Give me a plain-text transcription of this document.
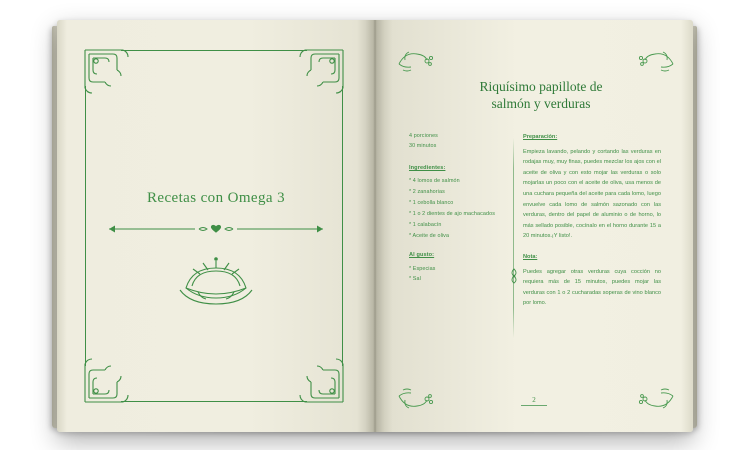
Recetas con Omega 3
Riquísimo papillote de
salmón y verduras
4 porciones
30 minutos
Ingredientes:
* 4 lomos de salmón
* 2 zanahorias
* 1 cebolla blanco
* 1 o 2 dientes de ajo machacados
* 1 calabacín
* Aceite de oliva
Al gusto:
* Especias
* Sal
Preparación:
Empieza lavando, pelando y cortando las verduras en rodajas muy, muy finas, puedes mezclar los ajos con el aceite de oliva y con esto mojar las verduras o solo mojarlas un poco con el aceite de oliva, usa menos de una cuchara pequeña del aceite para cada lomo, luego envuelve cada lomo de salmón sazonado con las verduras, dentro del papel de aluminio o de horno, lo más sellado posible, cocínalo en el horno durante 15 a 20 minutos.¡Y listo!.
Nota:
Puedes agregar otras verduras cuya cocción no requiera más de 15 minutos, puedes mojar las verduras con 1 o 2 cucharadas soperas de vino blanco por lomo.
2
